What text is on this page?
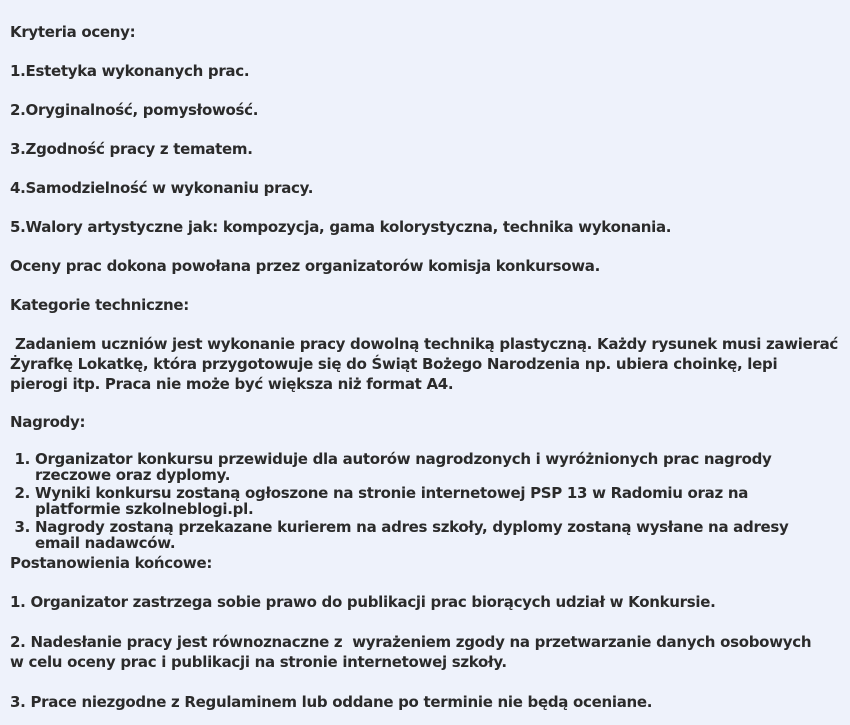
Kryteria oceny:

1.Estetyka wykonanych prac.

2.Oryginalność, pomysłowość.

3.Zgodność pracy z tematem.

4.Samodzielność w wykonaniu pracy.

5.Walory artystyczne jak: kompozycja, gama kolorystyczna, technika wykonania.

Oceny prac dokona powołana przez organizatorów komisja konkursowa.

Kategorie techniczne:

Zadaniem uczniów jest wykonanie pracy dowolną techniką plastyczną. Każdy rysunek musi zawierać Żyrafkę Lokatkę, która przygotowuje się do Świąt Bożego Narodzenia np. ubiera choinkę, lepi pierogi itp. Praca nie może być większa niż format A4.

Nagrody:

1. Organizator konkursu przewiduje dla autorów nagrodzonych i wyróżnionych prac nagrody rzeczowe oraz dyplomy.
2. Wyniki konkursu zostaną ogłoszone na stronie internetowej PSP 13 w Radomiu oraz na platformie szkolneblogi.pl.
3. Nagrody zostaną przekazane kurierem na adres szkoły, dyplomy zostaną wysłane na adresy email nadawców.

Postanowienia końcowe:

1. Organizator zastrzega sobie prawo do publikacji prac biorących udział w Konkursie.

2. Nadesłanie pracy jest równoznaczne z  wyrażeniem zgody na przetwarzanie danych osobowych
w celu oceny prac i publikacji na stronie internetowej szkoły.

3. Prace niezgodne z Regulaminem lub oddane po terminie nie będą oceniane.
